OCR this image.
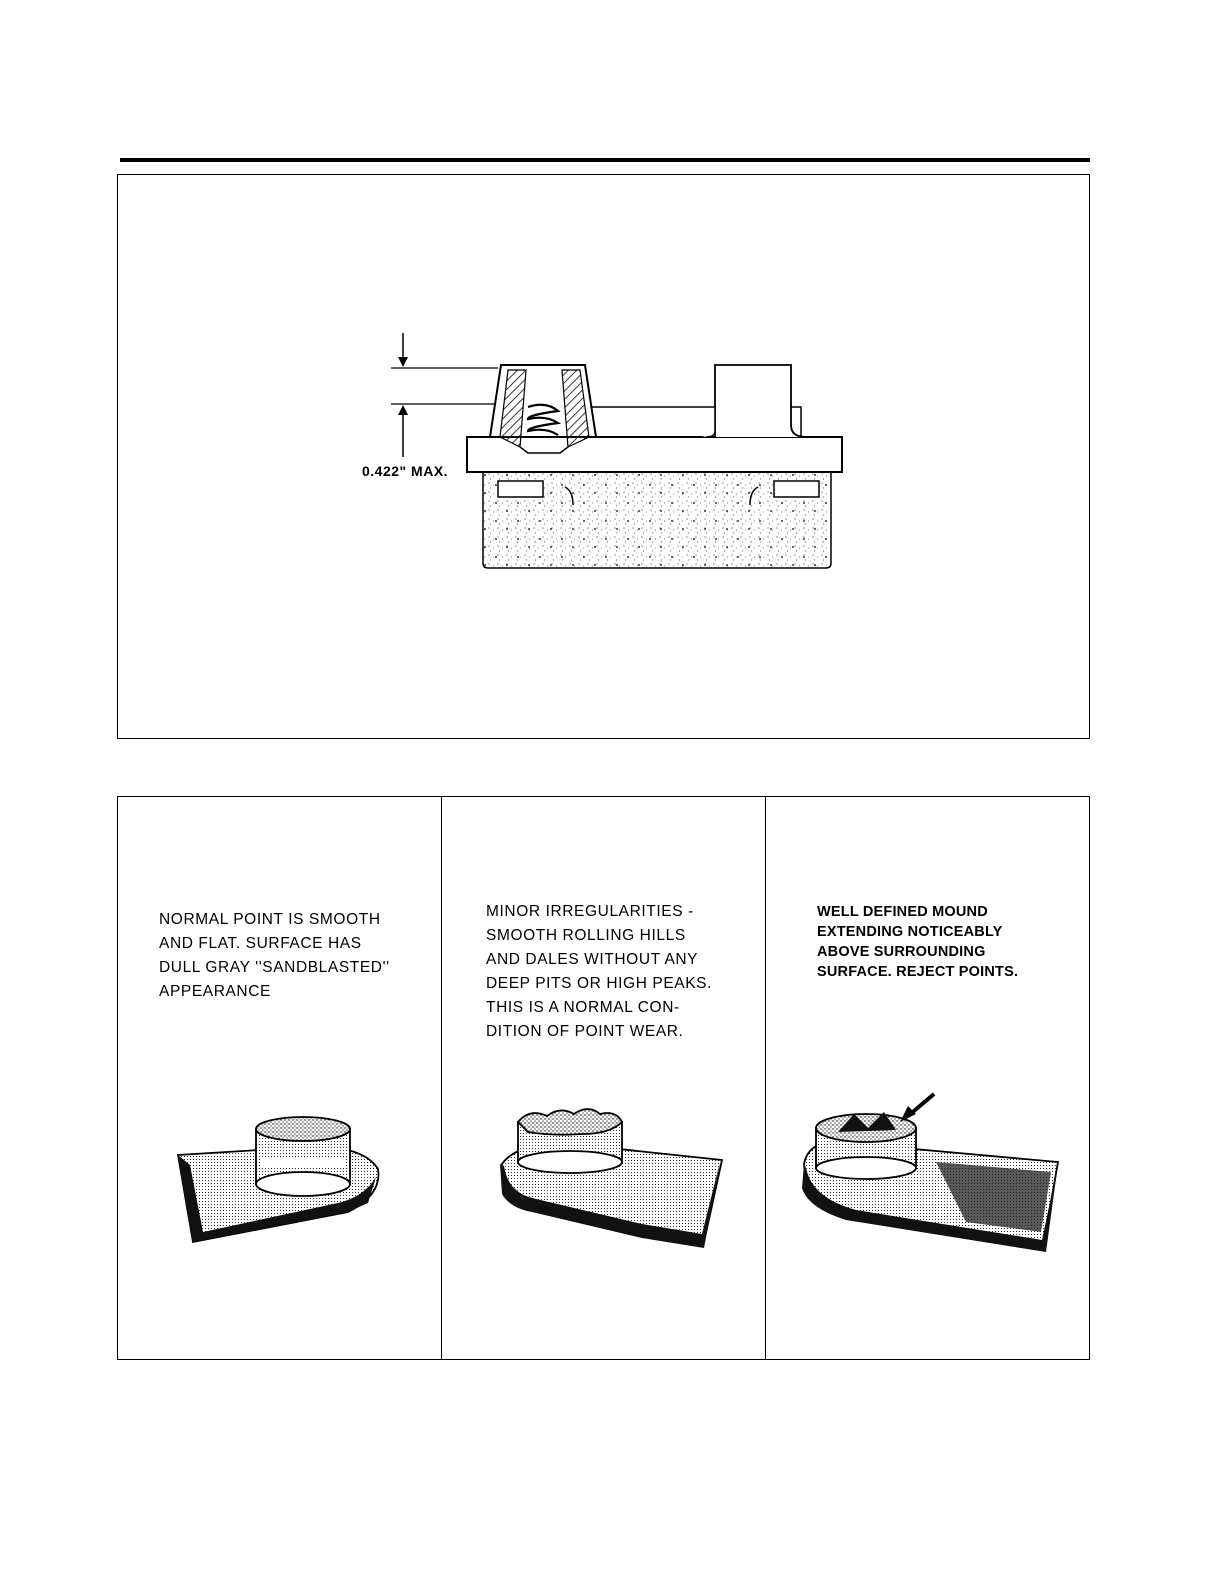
0.422" MAX.

NORMAL POINT IS SMOOTH
AND FLAT. SURFACE HAS
DULL GRAY ''SANDBLASTED''
APPEARANCE

MINOR IRREGULARITIES -
SMOOTH ROLLING HILLS
AND DALES WITHOUT ANY
DEEP PITS OR HIGH PEAKS.
THIS IS A NORMAL CON-
DITION OF POINT WEAR.

WELL DEFINED MOUND
EXTENDING NOTICEABLY
ABOVE SURROUNDING
SURFACE. REJECT POINTS.
